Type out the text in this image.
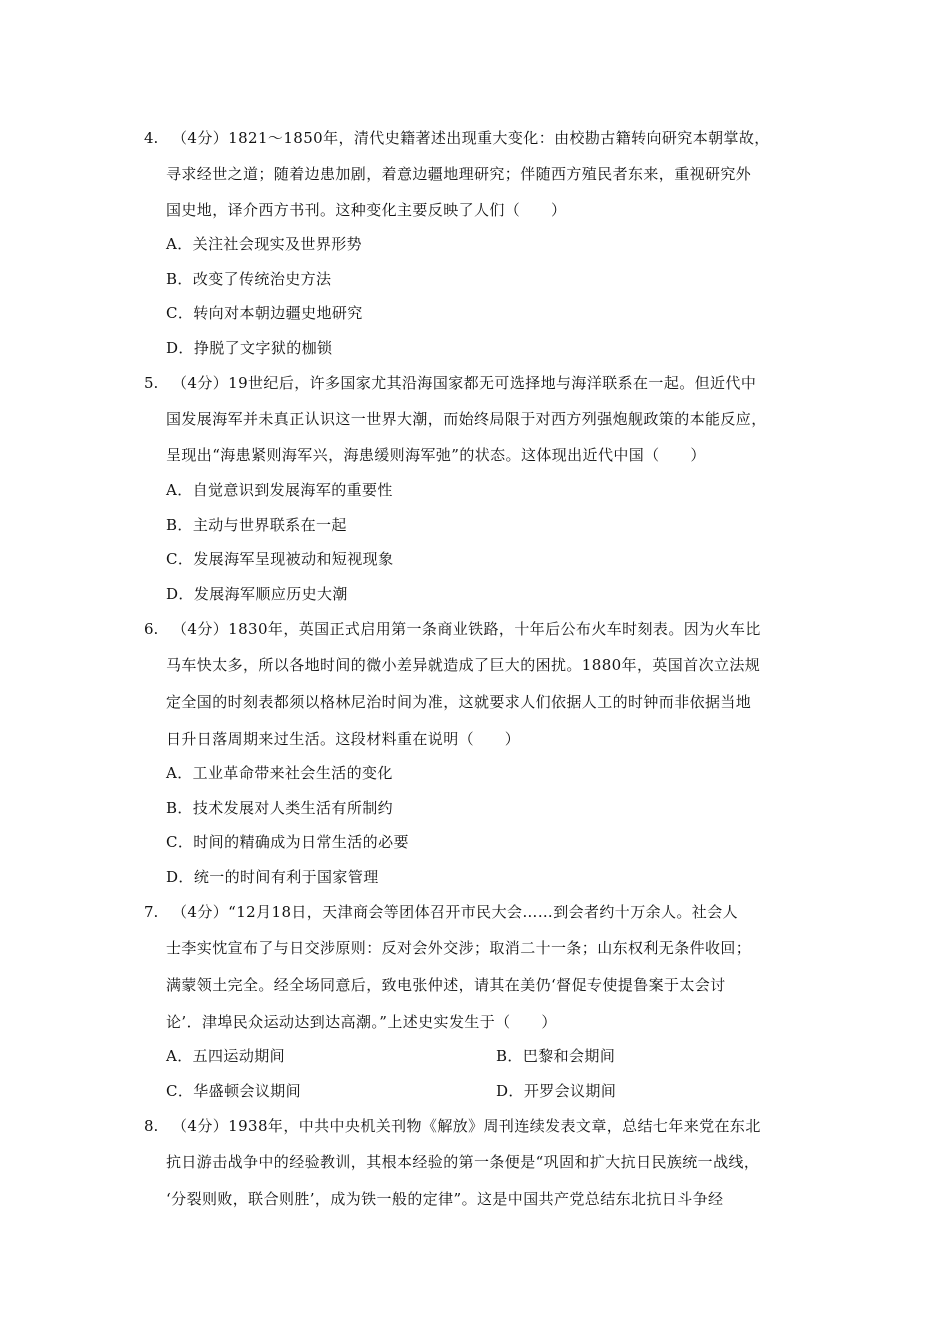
4. （4分）1821～1850年，清代史籍著述出现重大变化：由校勘古籍转向研究本朝掌故，
寻求经世之道；随着边患加剧，着意边疆地理研究；伴随西方殖民者东来，重视研究外
国史地，译介西方书刊。这种变化主要反映了人们（　　）
A．关注社会现实及世界形势
B．改变了传统治史方法
C．转向对本朝边疆史地研究
D．挣脱了文字狱的枷锁
5. （4分）19世纪后，许多国家尤其沿海国家都无可选择地与海洋联系在一起。但近代中
国发展海军并未真正认识这一世界大潮，而始终局限于对西方列强炮舰政策的本能反应，
呈现出“海患紧则海军兴，海患缓则海军弛”的状态。这体现出近代中国（　　）
A．自觉意识到发展海军的重要性
B．主动与世界联系在一起
C．发展海军呈现被动和短视现象
D．发展海军顺应历史大潮
6. （4分）1830年，英国正式启用第一条商业铁路，十年后公布火车时刻表。因为火车比
马车快太多，所以各地时间的微小差异就造成了巨大的困扰。1880年，英国首次立法规
定全国的时刻表都须以格林尼治时间为准，这就要求人们依据人工的时钟而非依据当地
日升日落周期来过生活。这段材料重在说明（　　）
A．工业革命带来社会生活的变化
B．技术发展对人类生活有所制约
C．时间的精确成为日常生活的必要
D．统一的时间有利于国家管理
7. （4分）“12月18日，天津商会等团体召开市民大会……到会者约十万余人。社会人
士李实忱宣布了与日交涉原则：反对会外交涉；取消二十一条；山东权利无条件收回；
满蒙领土完全。经全场同意后，致电张仲述，请其在美仍‘督促专使提鲁案于太会讨
论’．津埠民众运动达到达高潮。”上述史实发生于（　　）
A．五四运动期间	B．巴黎和会期间
C．华盛顿会议期间	D．开罗会议期间
8. （4分）1938年，中共中央机关刊物《解放》周刊连续发表文章，总结七年来党在东北
抗日游击战争中的经验教训，其根本经验的第一条便是“巩固和扩大抗日民族统一战线，
‘分裂则败，联合则胜’，成为铁一般的定律”。这是中国共产党总结东北抗日斗争经
